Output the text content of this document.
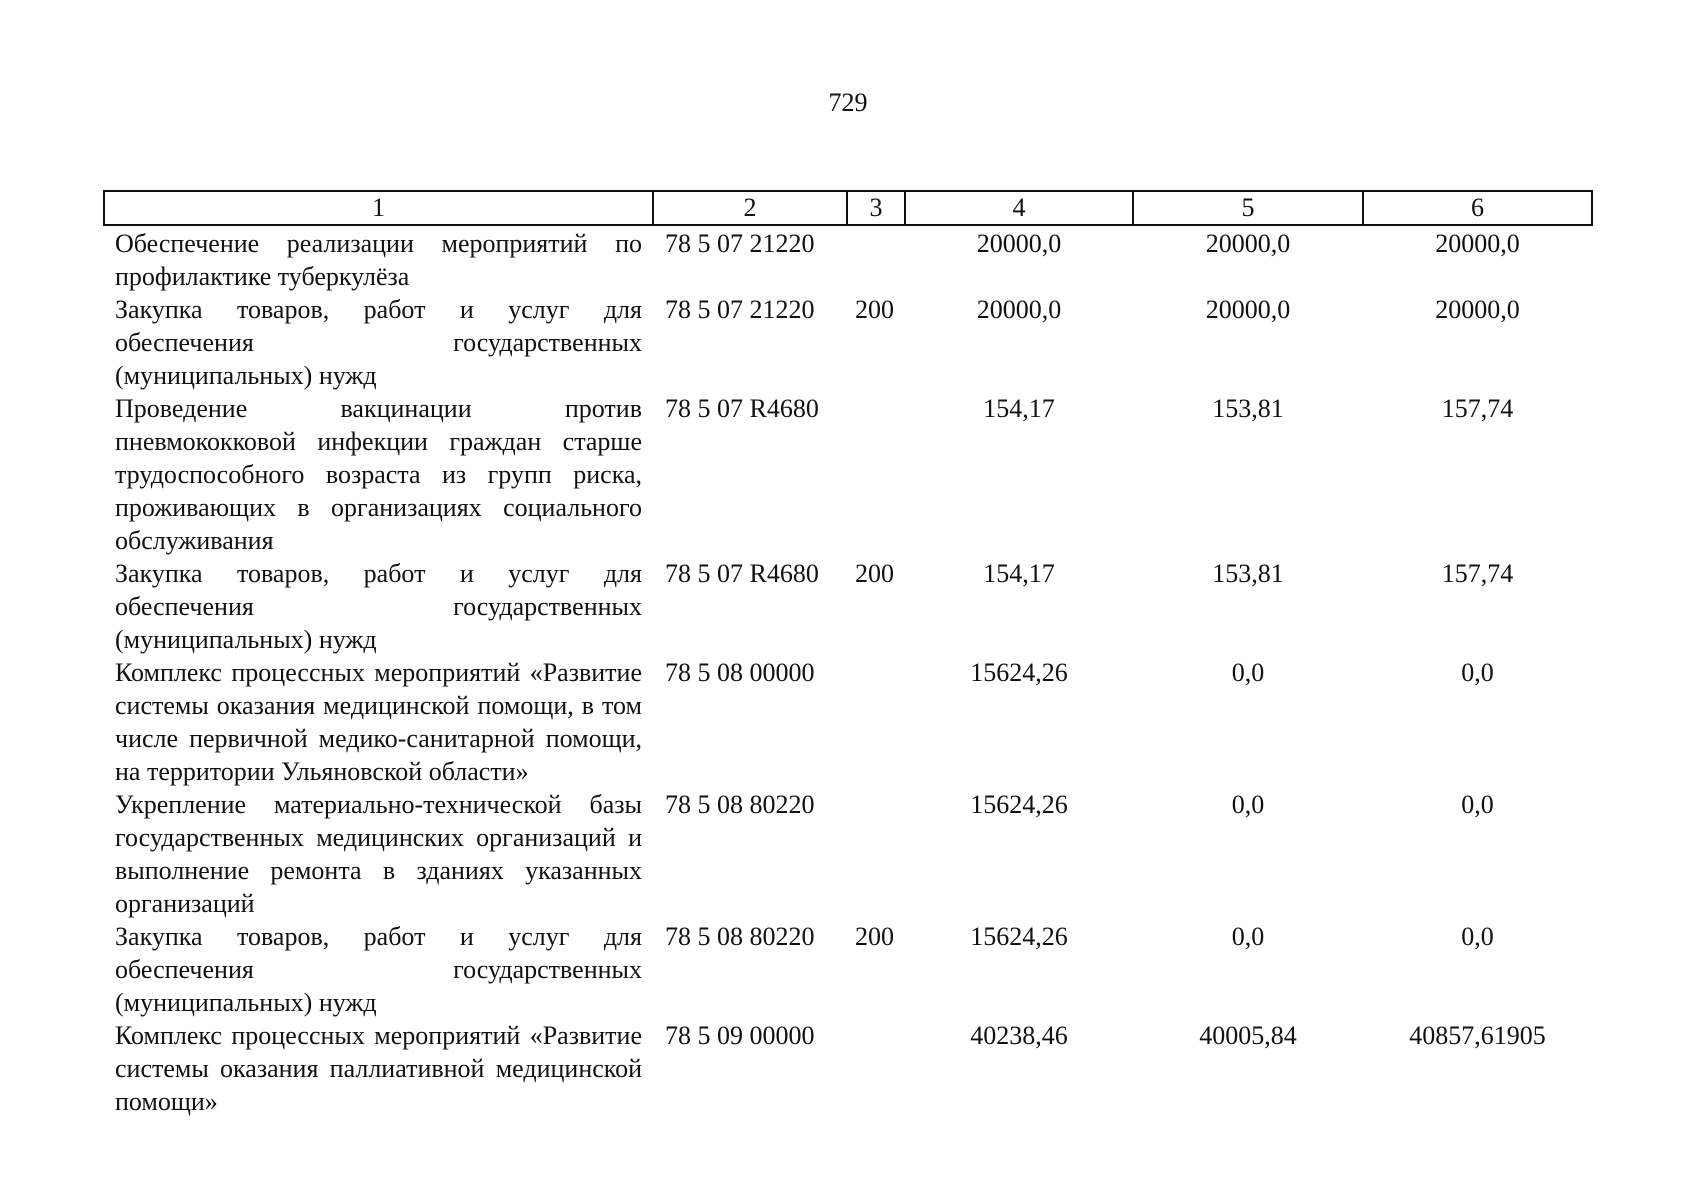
729
1	2	3	4	5	6
Обеспечение реализации мероприятий по профилактике туберкулёза	78 5 07 21220		20000,0	20000,0	20000,0
Закупка товаров, работ и услуг для обеспечения государственных (муниципальных) нужд	78 5 07 21220	200	20000,0	20000,0	20000,0
Проведение вакцинации против пневмококковой инфекции граждан старше трудоспособного возраста из групп риска, проживающих в организациях социального обслуживания	78 5 07 R4680		154,17	153,81	157,74
Закупка товаров, работ и услуг для обеспечения государственных (муниципальных) нужд	78 5 07 R4680	200	154,17	153,81	157,74
Комплекс процессных мероприятий «Развитие системы оказания медицинской помощи, в том числе первичной медико-санитарной помощи, на территории Ульяновской области»	78 5 08 00000		15624,26	0,0	0,0
Укрепление материально-технической базы государственных медицинских организаций и выполнение ремонта в зданиях указанных организаций	78 5 08 80220		15624,26	0,0	0,0
Закупка товаров, работ и услуг для обеспечения государственных (муниципальных) нужд	78 5 08 80220	200	15624,26	0,0	0,0
Комплекс процессных мероприятий «Развитие системы оказания паллиативной медицинской помощи»	78 5 09 00000		40238,46	40005,84	40857,61905
